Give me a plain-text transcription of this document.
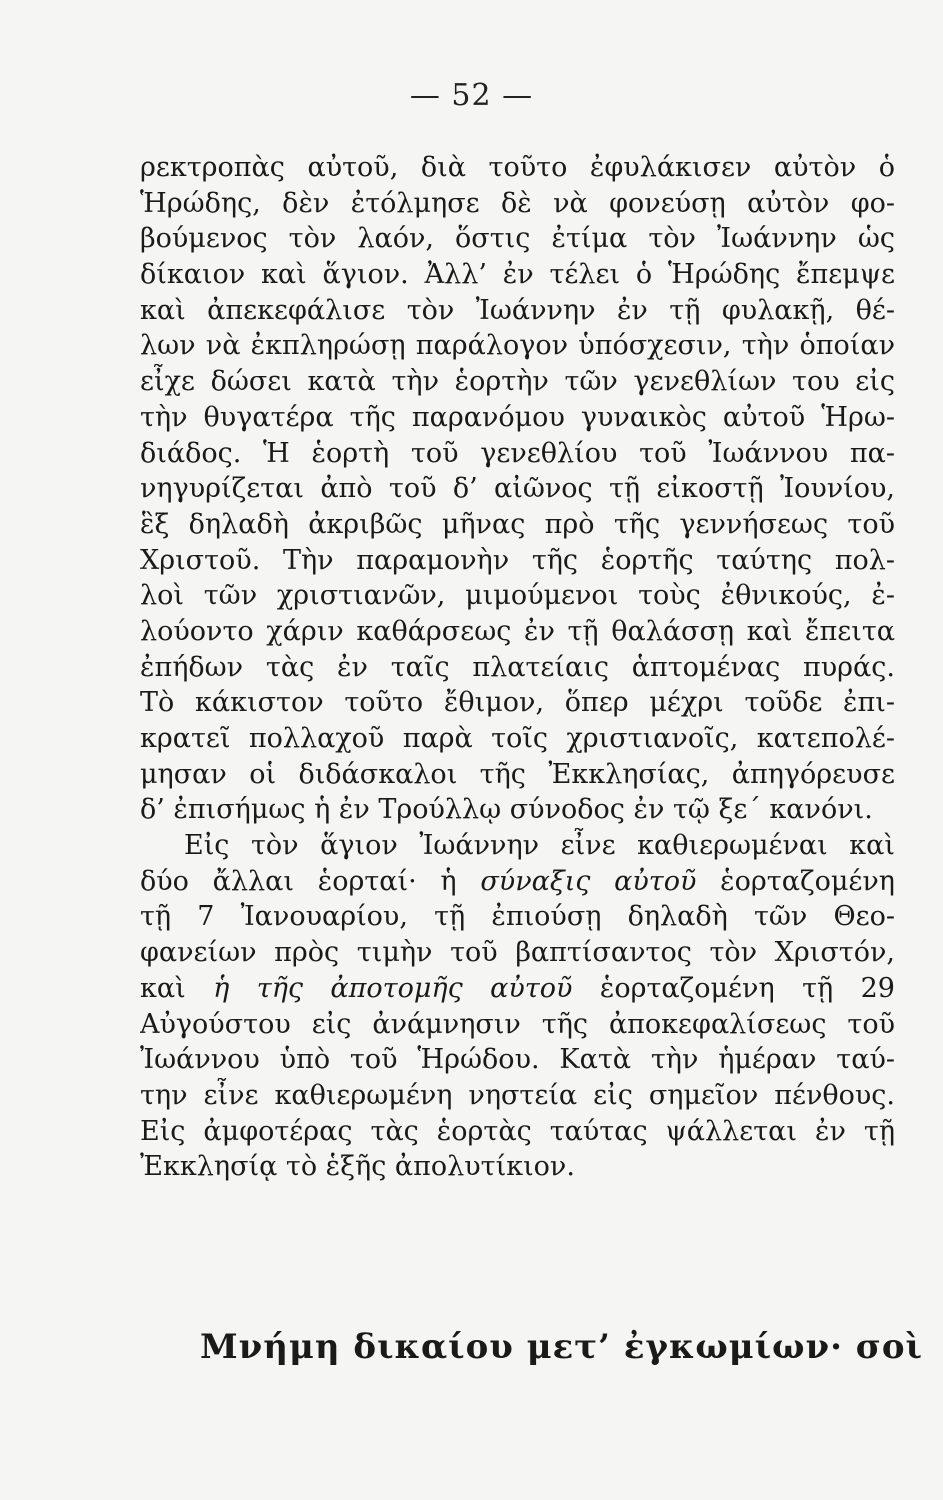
— 52 —
ρεκτροπὰς αὐτοῦ, διὰ τοῦτο ἐφυλάκισεν αὐτὸν ὁ
Ἡρώδης, δὲν ἐτόλμησε δὲ νὰ φονεύσῃ αὐτὸν φο-
βούμενος τὸν λαόν, ὅστις ἐτίμα τὸν Ἰωάννην ὡς
δίκαιον καὶ ἅγιον. Ἀλλ’ ἐν τέλει ὁ Ἡρώδης ἔπεμψε
καὶ ἀπεκεφάλισε τὸν Ἰωάννην ἐν τῇ φυλακῇ, θέ-
λων νὰ ἐκπληρώσῃ παράλογον ὑπόσχεσιν, τὴν ὁποίαν
εἶχε δώσει κατὰ τὴν ἑορτὴν τῶν γενεθλίων του εἰς
τὴν θυγατέρα τῆς παρανόμου γυναικὸς αὐτοῦ Ἡρω-
διάδος. Ἡ ἑορτὴ τοῦ γενεθλίου τοῦ Ἰωάννου πα-
νηγυρίζεται ἀπὸ τοῦ δ’ αἰῶνος τῇ εἰκοστῇ Ἰουνίου,
ἓξ δηλαδὴ ἀκριβῶς μῆνας πρὸ τῆς γεννήσεως τοῦ
Χριστοῦ. Τὴν παραμονὴν τῆς ἑορτῆς ταύτης πολ-
λοὶ τῶν χριστιανῶν, μιμούμενοι τοὺς ἐθνικούς, ἐ-
λούοντο χάριν καθάρσεως ἐν τῇ θαλάσσῃ καὶ ἔπειτα
ἐπήδων τὰς ἐν ταῖς πλατείαις ἁπτομένας πυράς.
Τὸ κάκιστον τοῦτο ἔθιμον, ὅπερ μέχρι τοῦδε ἐπι-
κρατεῖ πολλαχοῦ παρὰ τοῖς χριστιανοῖς, κατεπολέ-
μησαν οἱ διδάσκαλοι τῆς Ἐκκλησίας, ἀπηγόρευσε
δ’ ἐπισήμως ἡ ἐν Τρούλλῳ σύνοδος ἐν τῷ ξε΄ κανόνι.
Εἰς τὸν ἅγιον Ἰωάννην εἶνε καθιερωμέναι καὶ
δύο ἄλλαι ἑορταί· ἡ σύναξις αὐτοῦ ἑορταζομένη
τῇ 7 Ἰανουαρίου, τῇ ἐπιούσῃ δηλαδὴ τῶν Θεο-
φανείων πρὸς τιμὴν τοῦ βαπτίσαντος τὸν Χριστόν,
καὶ ἡ τῆς ἀποτομῆς αὐτοῦ ἑορταζομένη τῇ 29
Αὐγούστου εἰς ἀνάμνησιν τῆς ἀποκεφαλίσεως τοῦ
Ἰωάννου ὑπὸ τοῦ Ἡρώδου. Κατὰ τὴν ἡμέραν ταύ-
την εἶνε καθιερωμένη νηστεία εἰς σημεῖον πένθους.
Εἰς ἀμφοτέρας τὰς ἑορτὰς ταύτας ψάλλεται ἐν τῇ
Ἐκκλησίᾳ τὸ ἑξῆς ἀπολυτίκιον.
Μνήμη δικαίου μετ’ ἐγκωμίων· σοὶ
